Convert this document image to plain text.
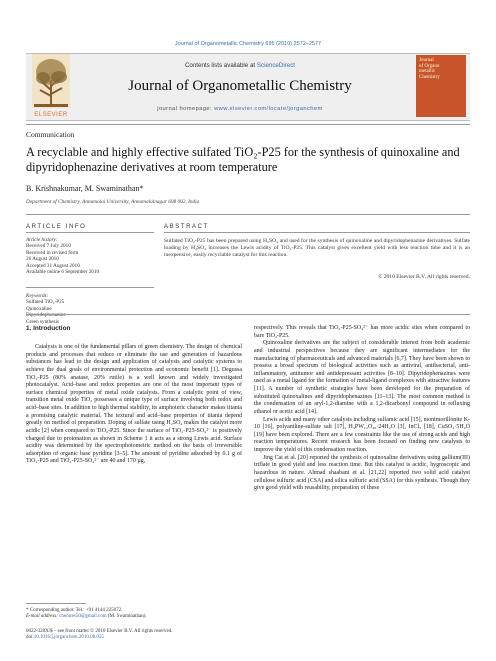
Journal of Organometallic Chemistry 695 (2010) 2572–2577
ELSEVIER
Contents lists available at ScienceDirect
Journal of Organometallic Chemistry
journal homepage: www.elsevier.com/locate/jorganchem
Journal
of Organo
metallic
Chemistry
Communication
A recyclable and highly effective sulfated TiO₂-P25 for the synthesis of quinoxaline and dipyridophenazine derivatives at room temperature
B. Krishnakumar, M. Swaminathan*
Department of Chemistry, Annamalai University, Annamalainagar 608 002, India
ARTICLE INFO	ABSTRACT
Article history:
Received 7 July 2010
Received in revised form
26 August 2010
Accepted 31 August 2010
Available online 6 September 2010
Keywords:
Sulfated TiO₂-P25
Quinoxaline
Dipyridophenazine
Green synthesis
Sulfated TiO₂-P25 has been prepared using H₂SO₄ and used for the synthesis of quinoxaline and dipyridophenazine derivatives. Sulfate loading by H₂SO₄ increases the Lewis acidity of TiO₂-P25. This catalyst gives excellent yield with less reaction time and it is an inexpensive, easily recyclable catalyst for this reaction.
© 2010 Elsevier B.V. All rights reserved.
1. Introduction

Catalysis is one of the fundamental pillars of green chemistry. The design of chemical products and processes that reduce or eliminate the use and generation of hazardous substances has lead to the design and application of catalysts and catalytic systems to achieve the dual goals of environmental protection and economic benefit [1]. Degussa TiO₂-P25 (80% anatase, 20% rutile) is a well known and widely investigated photocatalyst. Acid–base and redox properties are one of the most important types of surface chemical properties of metal oxide catalysts. From a catalytic point of view, transition metal oxide TiO₂ possesses a unique type of surface involving both redox and acid–base sites. In addition to high thermal stability, its amphoteric character makes titania a promising catalytic material. The textural and acid–base properties of titania depend greatly on method of preparation. Doping of sulfate using H₂SO₄ makes the catalyst more acidic [2] when compared to TiO₂-P25. Since the surface of TiO₂-P25-SO₄²⁻ is positively charged due to protonation as shown in Scheme 1 it acts as a strong Lewis acid. Surface acidity was determined by the spectrophotometric method on the basis of irreversible adsorption of organic base pyridine [3–5]. The amount of pyridine adsorbed by 0.1 g of TiO₂-P25 and TiO₂-P25-SO₄²⁻ are 40 and 170 µg,

respectively. This reveals that TiO₂-P25-SO₄²⁻ has more acidic sites when compared to bare TiO₂-P25.

Quinoxaline derivatives are the subject of considerable interest from both academic and industrial perspectives because they are significant intermediates for the manufacturing of pharmaceuticals and advanced materials [6,7]. They have been shown to possess a broad spectrum of biological activities such as antiviral, antibacterial, anti-inflammatory, antitumor and antidepressant activities [8–10]. Dipyridophenazines were used as a metal ligand for the formation of metal-ligand complexes with attractive features [11]. A number of synthetic strategies have been developed for the preparation of substituted quinoxalines and dipyridophenazines [11–13]. The most common method is the condensation of an aryl-1,2-diamine with a 1,2-dicarbonyl compound in refluxing ethanol or acetic acid [14].

Lewis acids and many other catalysts including sulfamic acid [15], montmorillonite K-10 [16], polyaniline-sulfate salt [17], H₃PW₁₂O₄₀·24H₂O [3], InCl₃ [18], CuSO₄·5H₂O [19] have been explored. There are a few constraints like the use of strong acids and high reaction temperatures. Recent research has been focused on finding new catalysts to improve the yield of this condensation reaction.

Jing Cai et al. [20] reported the synthesis of quinoxaline derivatives using gallium(III) triflate in good yield and less reaction time. But this catalyst is acidic, hygroscopic and hazardous in nature. Ahmad shaabani et al. [21,22] reported two solid acid catalyst cellulose sulfuric acid (CSA) and silica sulfuric acid (SSA) for this synthesis. Though they give good yield with reusability, preparation of these

* Corresponding author. Tel.: +91 4144 225072.
E-mail address: chemres50@gmail.com (M. Swaminathan).
0022-328X/$ – see front matter © 2010 Elsevier B.V. All rights reserved.
doi:10.1016/j.jorganchem.2010.08.055
